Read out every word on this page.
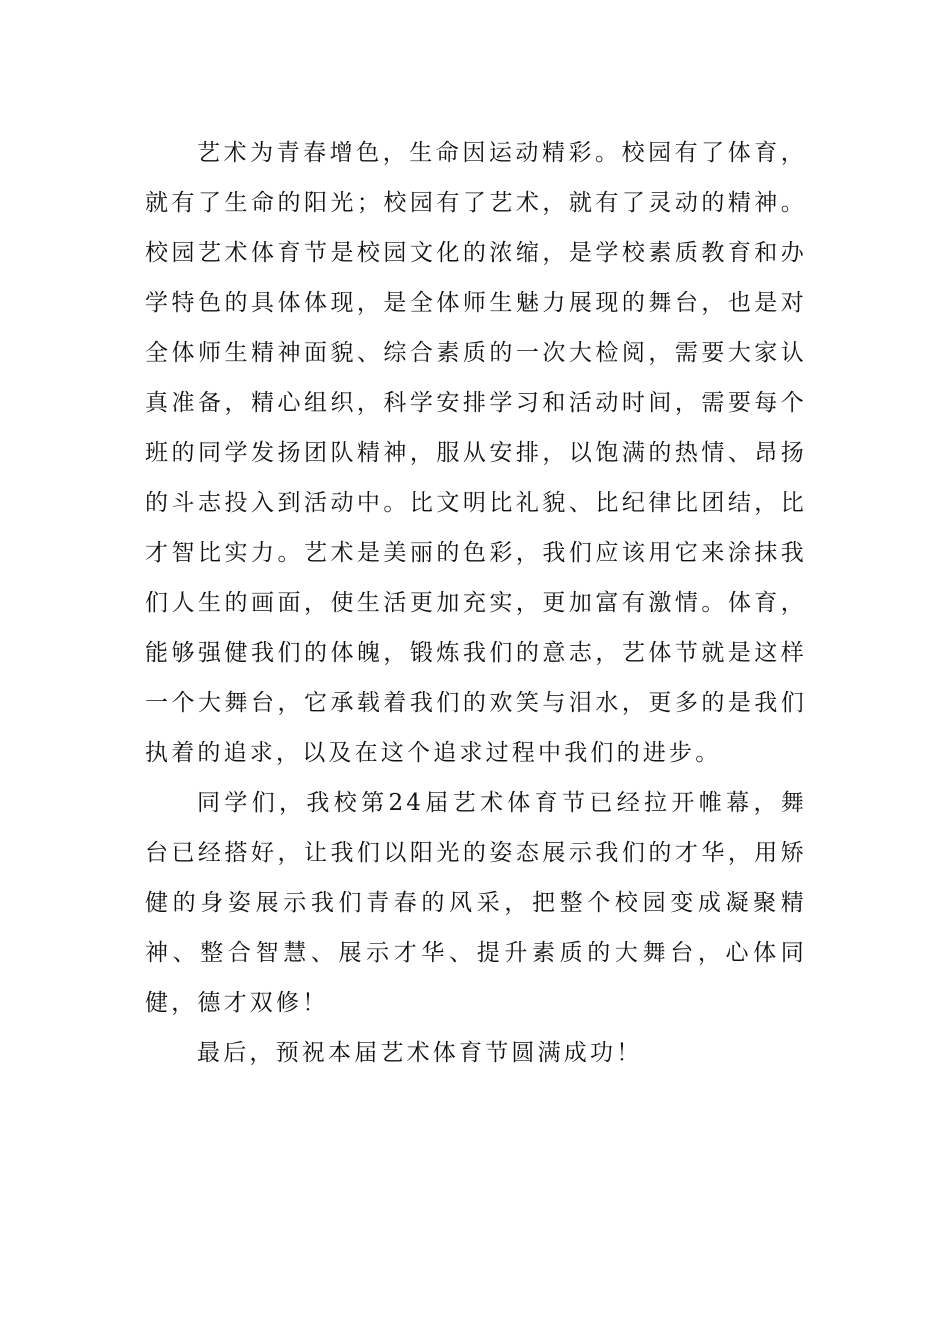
艺术为青春增色，生命因运动精彩。校园有了体育，就有了生命的阳光；校园有了艺术，就有了灵动的精神。校园艺术体育节是校园文化的浓缩，是学校素质教育和办学特色的具体体现，是全体师生魅力展现的舞台，也是对全体师生精神面貌、综合素质的一次大检阅，需要大家认真准备，精心组织，科学安排学习和活动时间，需要每个班的同学发扬团队精神，服从安排，以饱满的热情、昂扬的斗志投入到活动中。比文明比礼貌、比纪律比团结，比才智比实力。艺术是美丽的色彩，我们应该用它来涂抹我们人生的画面，使生活更加充实，更加富有激情。体育，能够强健我们的体魄，锻炼我们的意志，艺体节就是这样一个大舞台，它承载着我们的欢笑与泪水，更多的是我们执着的追求，以及在这个追求过程中我们的进步。

同学们，我校第24届艺术体育节已经拉开帷幕，舞台已经搭好，让我们以阳光的姿态展示我们的才华，用矫健的身姿展示我们青春的风采，把整个校园变成凝聚精神、整合智慧、展示才华、提升素质的大舞台，心体同健，德才双修！

最后，预祝本届艺术体育节圆满成功！
